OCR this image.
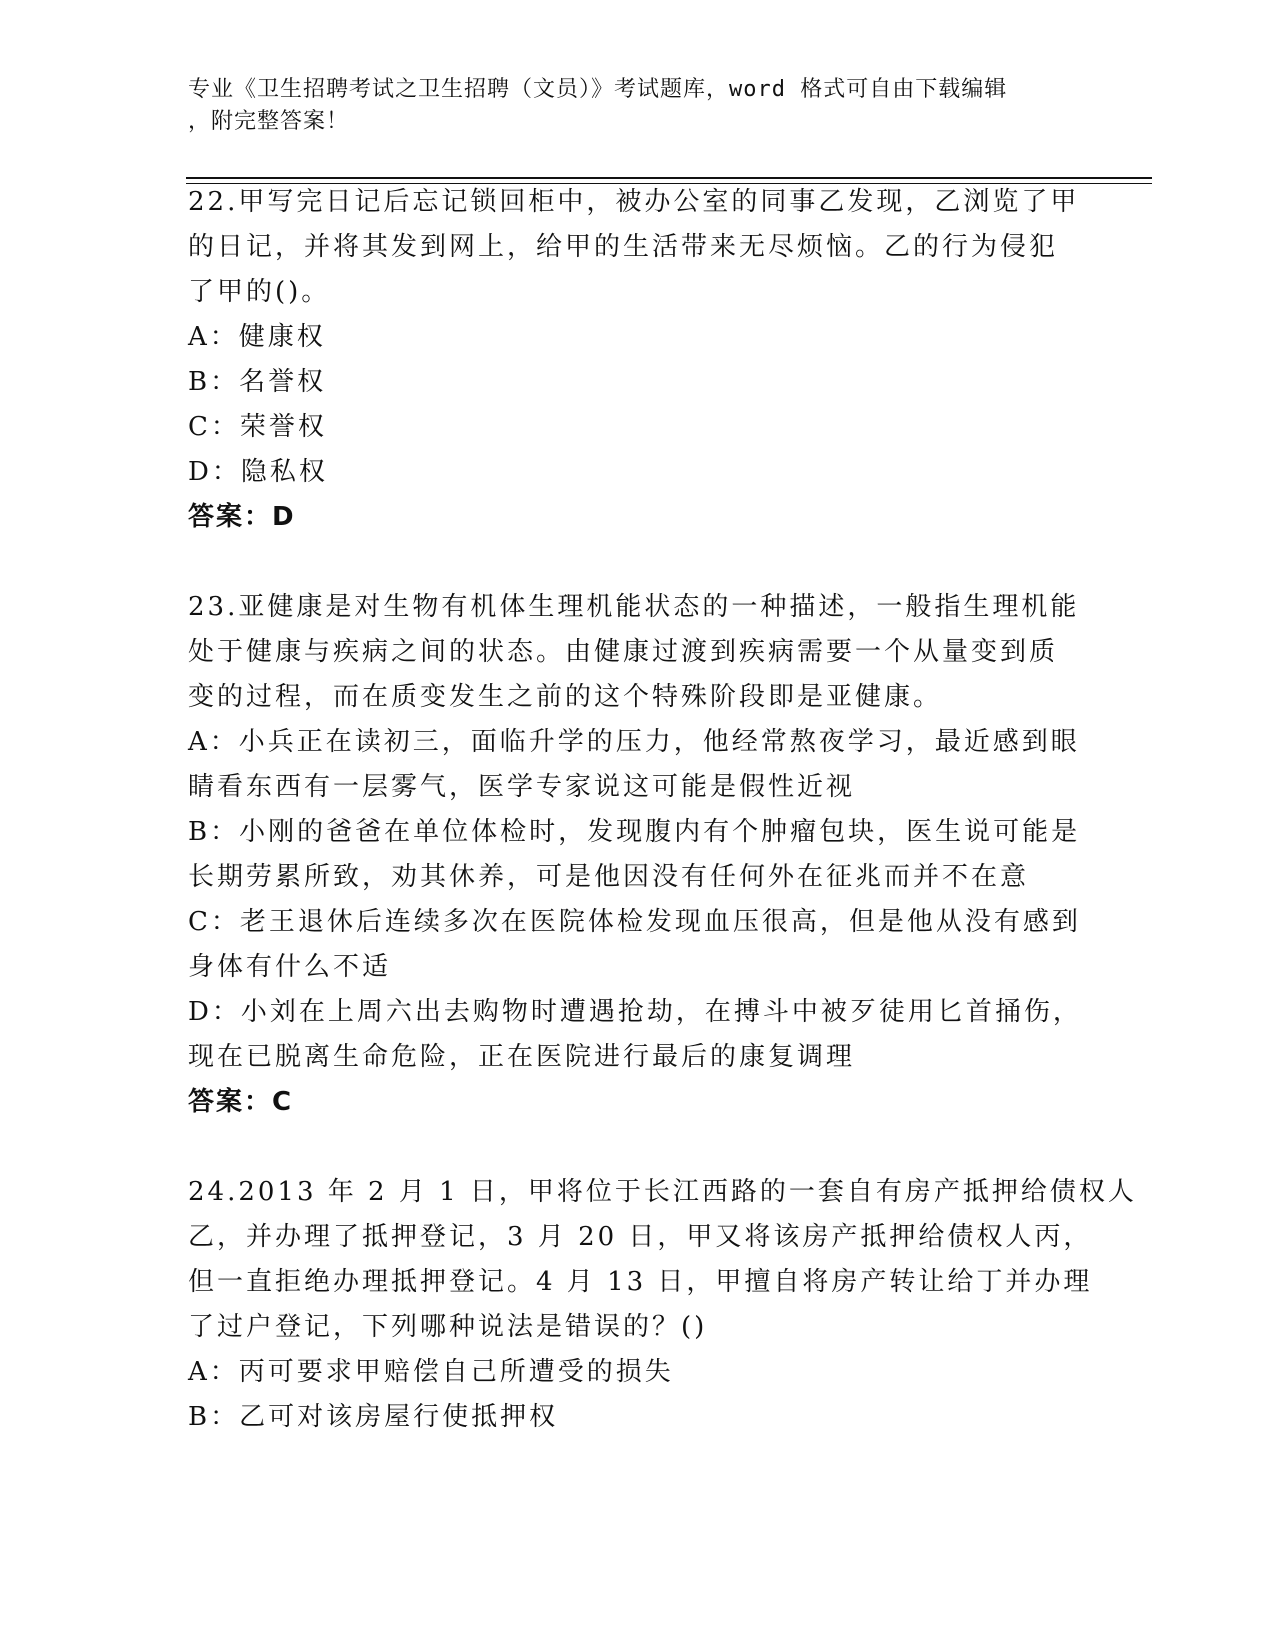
专业《卫生招聘考试之卫生招聘（文员）》考试题库，word 格式可自由下载编辑
，附完整答案！
22.甲写完日记后忘记锁回柜中，被办公室的同事乙发现，乙浏览了甲
的日记，并将其发到网上，给甲的生活带来无尽烦恼。乙的行为侵犯
了甲的()。
A：健康权
B：名誉权
C：荣誉权
D：隐私权
答案：D
23.亚健康是对生物有机体生理机能状态的一种描述，一般指生理机能
处于健康与疾病之间的状态。由健康过渡到疾病需要一个从量变到质
变的过程，而在质变发生之前的这个特殊阶段即是亚健康。
A：小兵正在读初三，面临升学的压力，他经常熬夜学习，最近感到眼
睛看东西有一层雾气，医学专家说这可能是假性近视
B：小刚的爸爸在单位体检时，发现腹内有个肿瘤包块，医生说可能是
长期劳累所致，劝其休养，可是他因没有任何外在征兆而并不在意
C：老王退休后连续多次在医院体检发现血压很高，但是他从没有感到
身体有什么不适
D：小刘在上周六出去购物时遭遇抢劫，在搏斗中被歹徒用匕首捅伤，
现在已脱离生命危险，正在医院进行最后的康复调理
答案：C
24.2013 年 2 月 1 日，甲将位于长江西路的一套自有房产抵押给债权人
乙，并办理了抵押登记，3 月 20 日，甲又将该房产抵押给债权人丙，
但一直拒绝办理抵押登记。4 月 13 日，甲擅自将房产转让给丁并办理
了过户登记，下列哪种说法是错误的？()
A：丙可要求甲赔偿自己所遭受的损失
B：乙可对该房屋行使抵押权
